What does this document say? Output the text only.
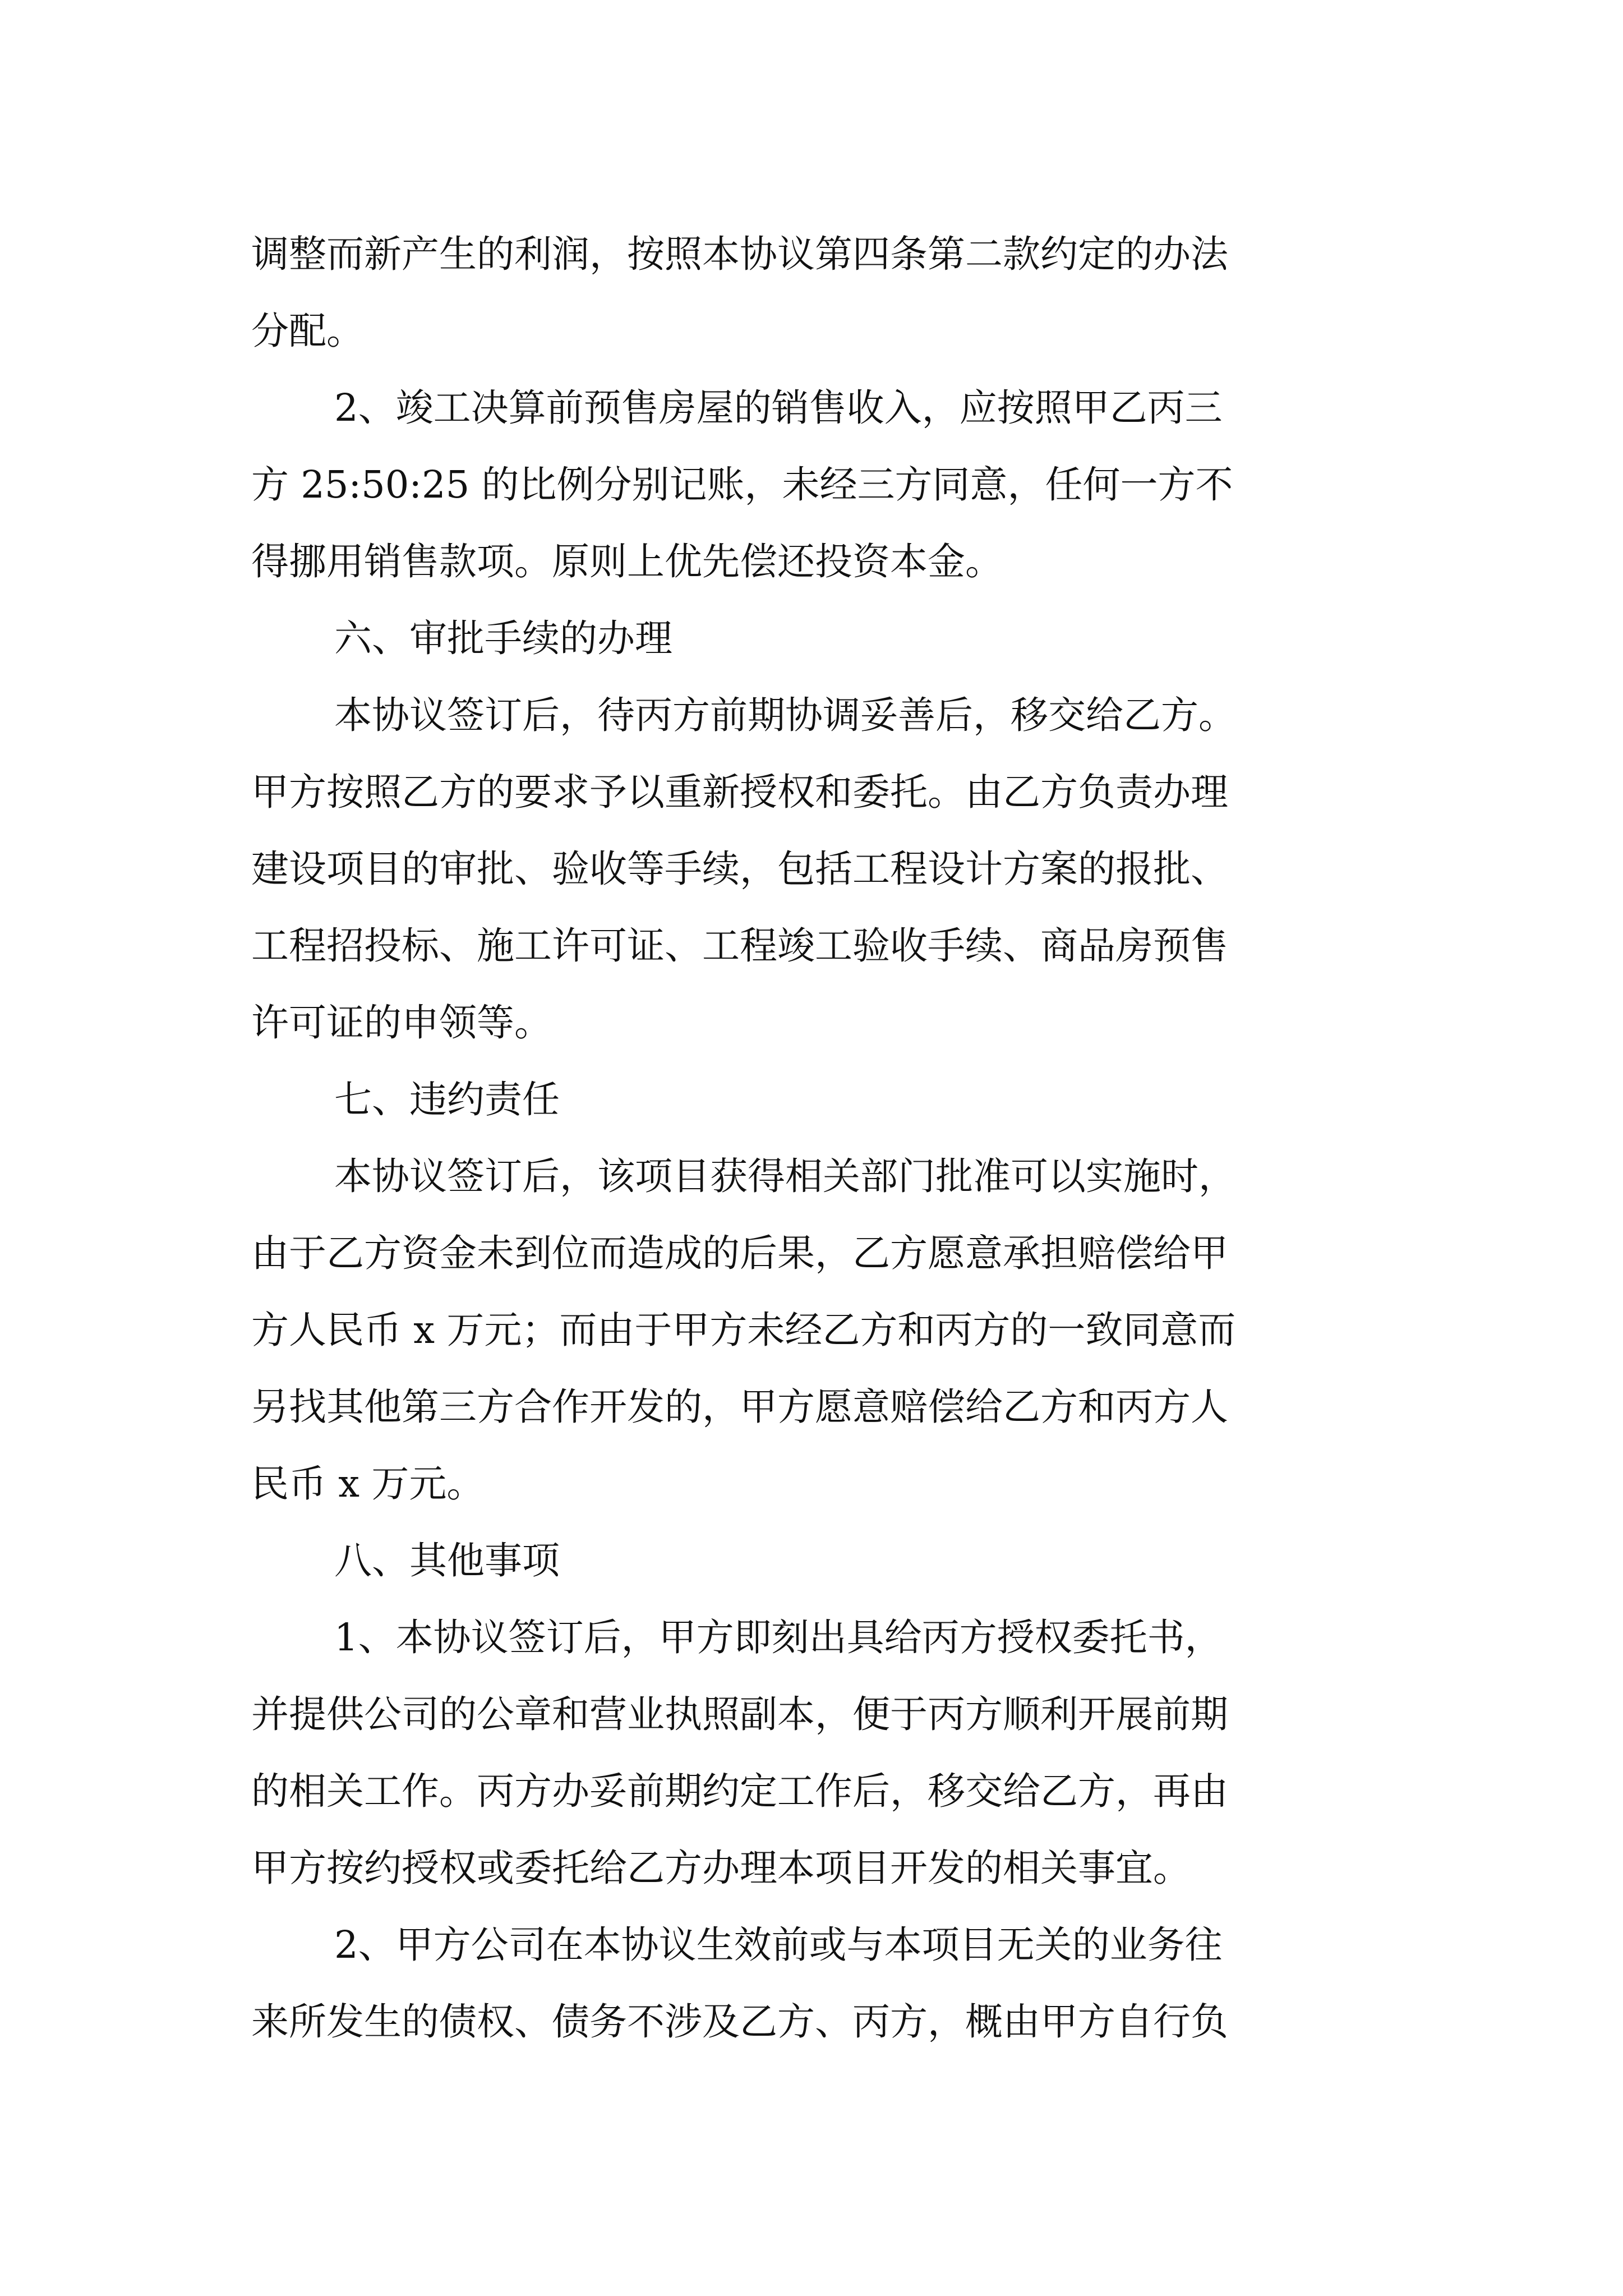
调整而新产生的利润，按照本协议第四条第二款约定的办法
分配。
2、竣工决算前预售房屋的销售收入，应按照甲乙丙三
方 25:50:25 的比例分别记账，未经三方同意，任何一方不
得挪用销售款项。原则上优先偿还投资本金。
六、审批手续的办理
本协议签订后，待丙方前期协调妥善后，移交给乙方。
甲方按照乙方的要求予以重新授权和委托。由乙方负责办理
建设项目的审批、验收等手续，包括工程设计方案的报批、
工程招投标、施工许可证、工程竣工验收手续、商品房预售
许可证的申领等。
七、违约责任
本协议签订后，该项目获得相关部门批准可以实施时，
由于乙方资金未到位而造成的后果，乙方愿意承担赔偿给甲
方人民币 x 万元；而由于甲方未经乙方和丙方的一致同意而
另找其他第三方合作开发的，甲方愿意赔偿给乙方和丙方人
民币 x 万元。
八、其他事项
1、本协议签订后，甲方即刻出具给丙方授权委托书，
并提供公司的公章和营业执照副本，便于丙方顺利开展前期
的相关工作。丙方办妥前期约定工作后，移交给乙方，再由
甲方按约授权或委托给乙方办理本项目开发的相关事宜。
2、甲方公司在本协议生效前或与本项目无关的业务往
来所发生的债权、债务不涉及乙方、丙方，概由甲方自行负
